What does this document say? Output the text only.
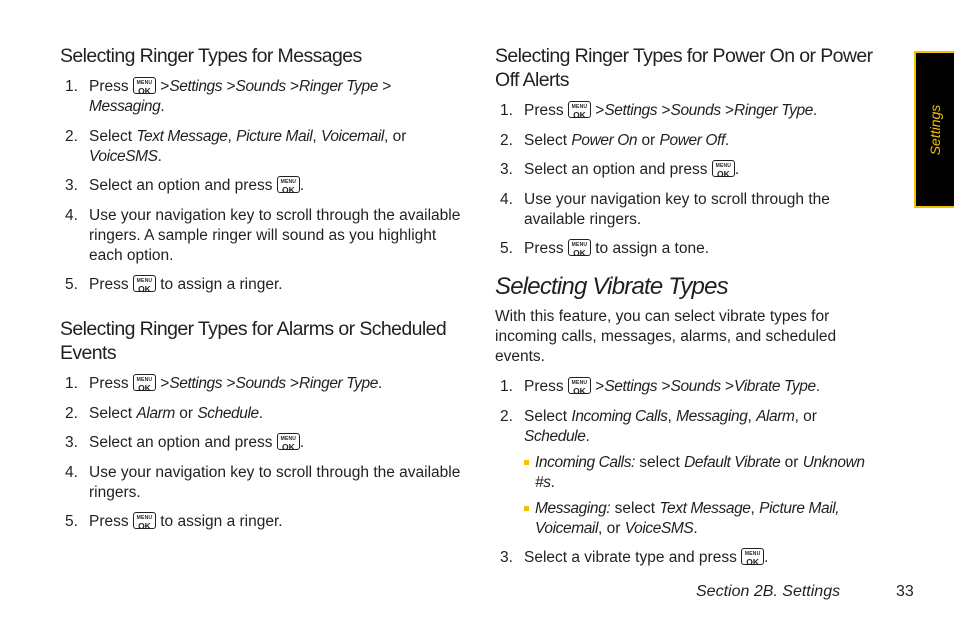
Selecting Ringer Types for Messages
1. Press	MENU
OK >Settings >Sounds >Ringer Type > Messaging.
2. Select Text Message, Picture Mail, Voicemail, or VoiceSMS.
3. Select an option and press	MENU
OK .
4. Use your navigation key to scroll through the available ringers. A sample ringer will sound as you highlight each option.
5. Press	MENU
OK to assign a ringer.
Selecting Ringer Types for Alarms or Scheduled Events
1. Press	MENU
OK >Settings >Sounds >Ringer Type.
2. Select Alarm or Schedule.
3. Select an option and press	MENU
OK .
4. Use your navigation key to scroll through the available ringers.
5. Press	MENU
OK to assign a ringer.
Selecting Ringer Types for Power On or Power Off Alerts
1. Press	MENU
OK >Settings >Sounds >Ringer Type.
2. Select Power On or Power Off.
3. Select an option and press	MENU
OK .
4. Use your navigation key to scroll through the available ringers.
5. Press	MENU
OK to assign a tone.
Selecting Vibrate Types

With this feature, you can select vibrate types for incoming calls, messages, alarms, and scheduled events.

1. Press	MENU
OK >Settings >Sounds >Vibrate Type.
2. Select Incoming Calls, Messaging, Alarm, or Schedule.
Incoming Calls: select Default Vibrate or Unknown #s.
Messaging: select Text Message, Picture Mail, Voicemail, or VoiceSMS.
3. Select a vibrate type and press	MENU
OK .
Settings
Section 2B. Settings	33
